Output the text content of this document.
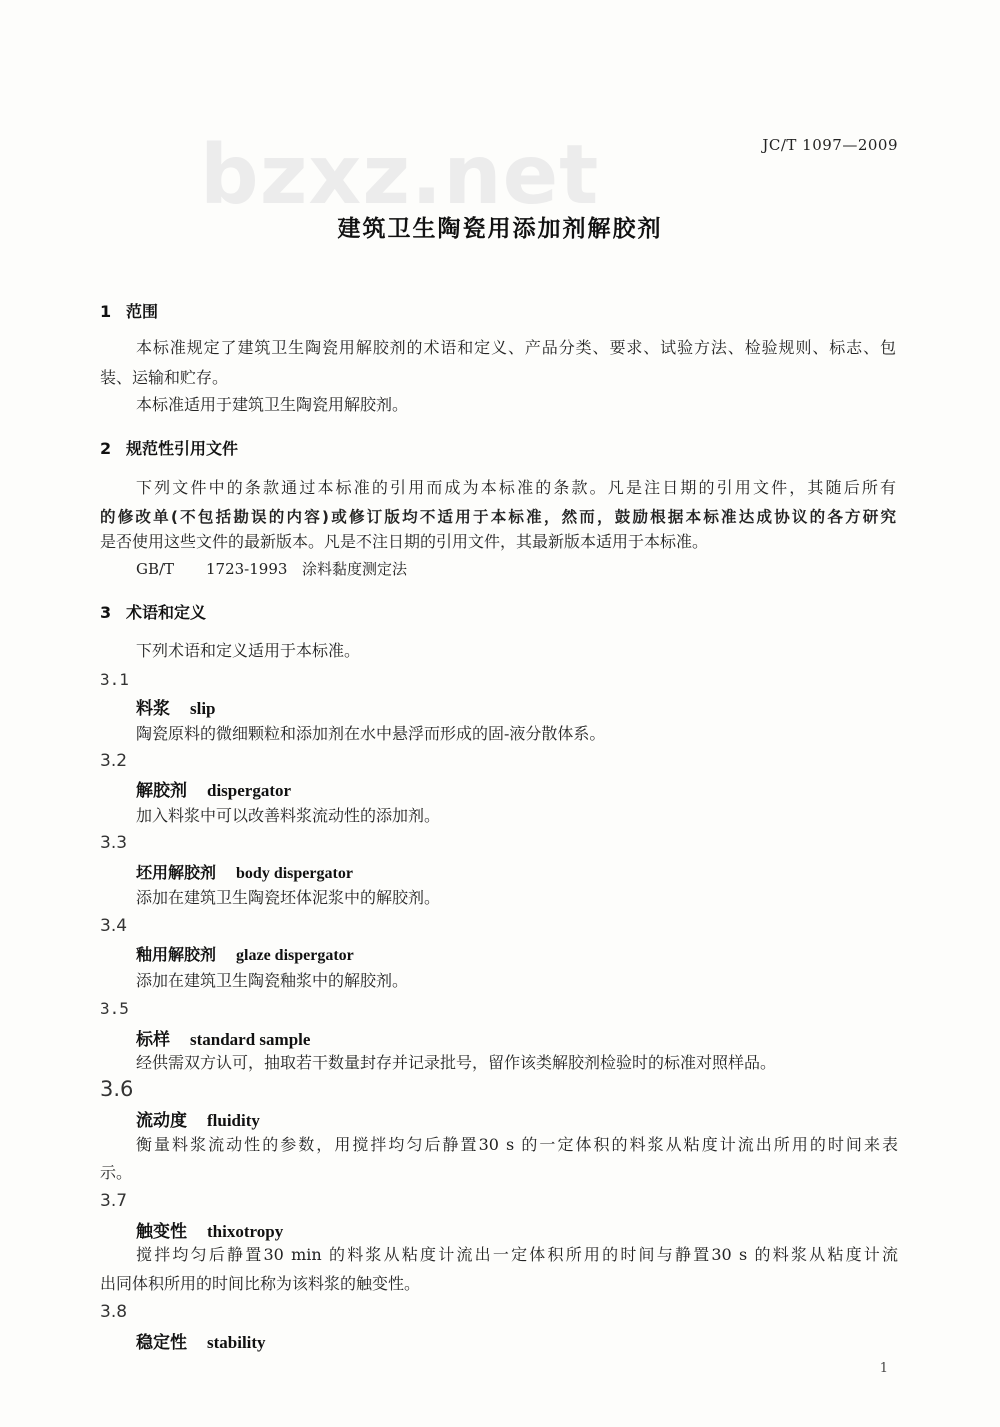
bzxz.net	JC/T 1097—2009
建筑卫生陶瓷用添加剂解胶剂
1 范围
本标准规定了建筑卫生陶瓷用解胶剂的术语和定义、产品分类、要求、试验方法、检验规则、标志、包
装、运输和贮存。
本标准适用于建筑卫生陶瓷用解胶剂。
2 规范性引用文件
下列文件中的条款通过本标准的引用而成为本标准的条款。凡是注日期的引用文件，其随后所有
的修改单(不包括勘误的内容)或修订版均不适用于本标准，然而，鼓励根据本标准达成协议的各方研究
是否使用这些文件的最新版本。凡是不注日期的引用文件，其最新版本适用于本标准。
GB/T 1723-1993 涂料黏度测定法
3 术语和定义
下列术语和定义适用于本标准。
3.1
料浆 slip
陶瓷原料的微细颗粒和添加剂在水中悬浮而形成的固-液分散体系。
3.2
解胶剂 dispergator
加入料浆中可以改善料浆流动性的添加剂。
3.3
坯用解胶剂 body dispergator
添加在建筑卫生陶瓷坯体泥浆中的解胶剂。
3.4
釉用解胶剂 glaze dispergator
添加在建筑卫生陶瓷釉浆中的解胶剂。
3.5
标样 standard sample
经供需双方认可，抽取若干数量封存并记录批号，留作该类解胶剂检验时的标准对照样品。
3.6
流动度 fluidity
衡量料浆流动性的参数，用搅拌均匀后静置30 s 的一定体积的料浆从粘度计流出所用的时间来表
示。
3.7
触变性 thixotropy
搅拌均匀后静置30 min 的料浆从粘度计流出一定体积所用的时间与静置30 s 的料浆从粘度计流
出同体积所用的时间比称为该料浆的触变性。
3.8
稳定性 stability
1
